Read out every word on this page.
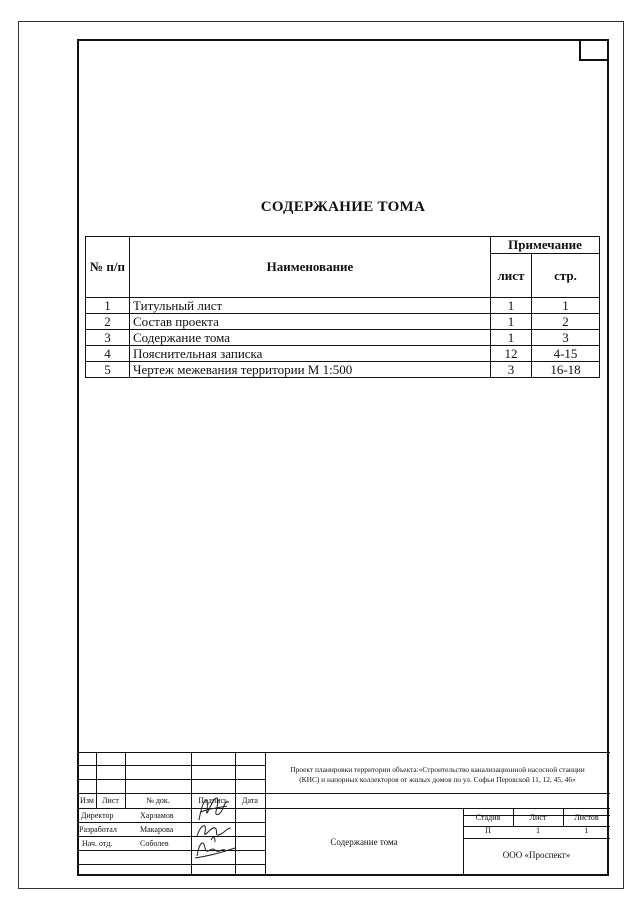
СОДЕРЖАНИЕ ТОМА
№ п/п	Наименование	Примечание	
		лист	стр.
1	Титульный лист	1	1
2	Состав проекта	1	2
3	Содержание тома	1	3
4	Пояснительная записка	12	4-15
5	Чертеж межевания территории М 1:500	3	16-18
Изм	Лист	№ док.	Подпись	Дата
Проект планировки территории объекта:«Строительство канализационной насосной станции
(КНС) и напорных коллекторов от жилых домов по ул. Софьи Перовской 11, 12, 45, 46»
Директор	Харламов
Разработал	Макарова
Нач. отд.	Соболев	Содержание тома
Стадия	Лист	Листов
П	1	1
ООО «Проспект»
